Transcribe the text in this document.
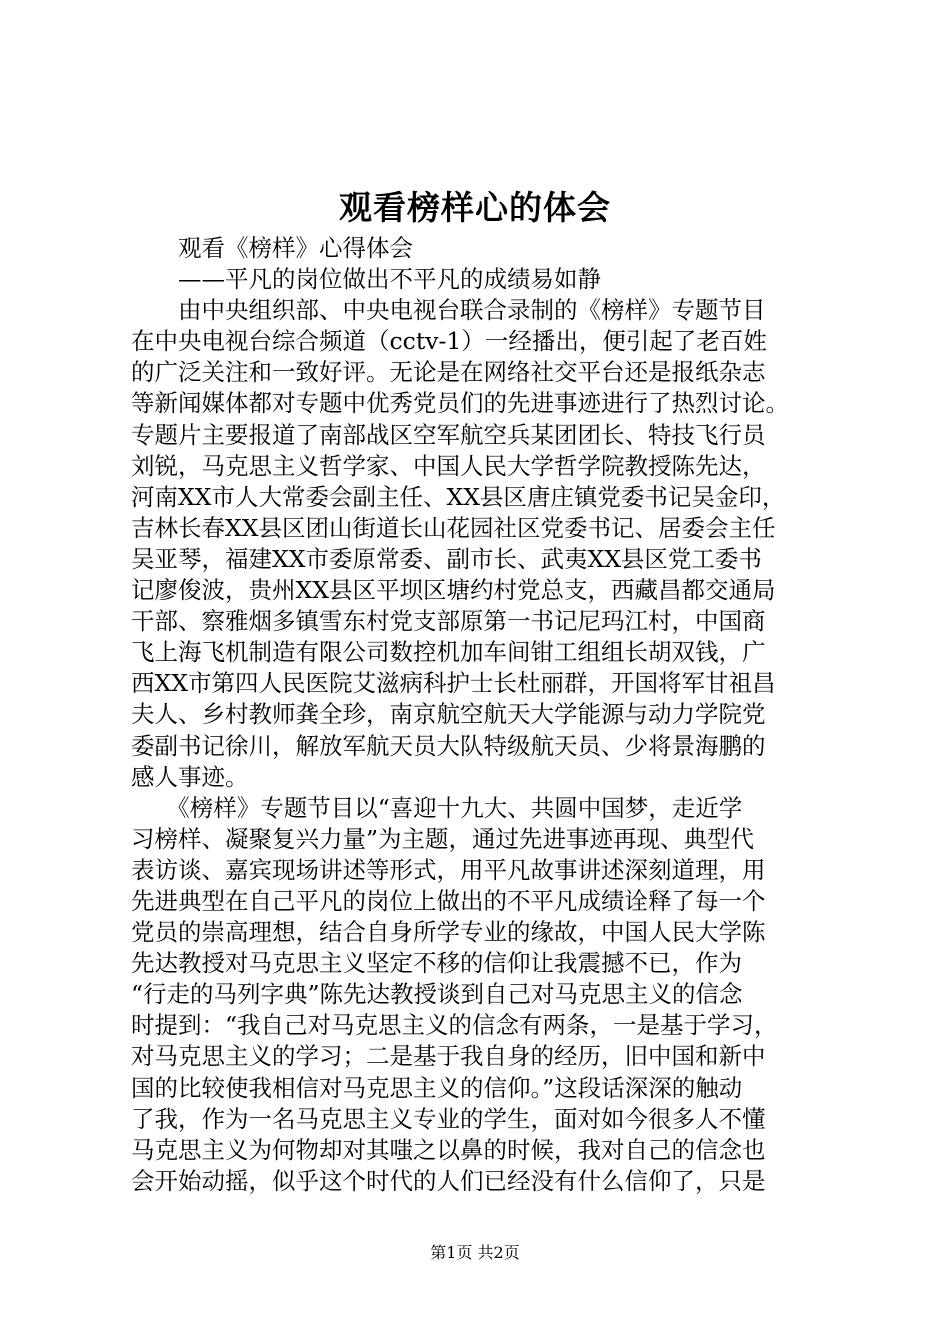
观看榜样心的体会
　　观看《榜样》心得体会
　　——平凡的岗位做出不平凡的成绩易如静
　　由中央组织部、中央电视台联合录制的《榜样》专题节目
在中央电视台综合频道（cctv-1）一经播出，便引起了老百姓
的广泛关注和一致好评。无论是在网络社交平台还是报纸杂志
等新闻媒体都对专题中优秀党员们的先进事迹进行了热烈讨论。
专题片主要报道了南部战区空军航空兵某团团长、特技飞行员
刘锐，马克思主义哲学家、中国人民大学哲学院教授陈先达，
河南XX市人大常委会副主任、XX县区唐庄镇党委书记吴金印，
吉林长春XX县区团山街道长山花园社区党委书记、居委会主任
吴亚琴，福建XX市委原常委、副市长、武夷XX县区党工委书
记廖俊波，贵州XX县区平坝区塘约村党总支，西藏昌都交通局
干部、察雅烟多镇雪东村党支部原第一书记尼玛江村，中国商
飞上海飞机制造有限公司数控机加车间钳工组组长胡双钱，广
西XX市第四人民医院艾滋病科护士长杜丽群，开国将军甘祖昌
夫人、乡村教师龚全珍，南京航空航天大学能源与动力学院党
委副书记徐川，解放军航天员大队特级航天员、少将景海鹏的
感人事迹。
　　《榜样》专题节目以“喜迎十九大、共圆中国梦，走近学
习榜样、凝聚复兴力量”为主题，通过先进事迹再现、典型代
表访谈、嘉宾现场讲述等形式，用平凡故事讲述深刻道理，用
先进典型在自己平凡的岗位上做出的不平凡成绩诠释了每一个
党员的崇高理想，结合自身所学专业的缘故，中国人民大学陈
先达教授对马克思主义坚定不移的信仰让我震撼不已，作为
“行走的马列字典”陈先达教授谈到自己对马克思主义的信念
时提到：“我自己对马克思主义的信念有两条，一是基于学习，
对马克思主义的学习；二是基于我自身的经历，旧中国和新中
国的比较使我相信对马克思主义的信仰。”这段话深深的触动
了我，作为一名马克思主义专业的学生，面对如今很多人不懂
马克思主义为何物却对其嗤之以鼻的时候，我对自己的信念也
会开始动摇，似乎这个时代的人们已经没有什么信仰了，只是
第1页 共2页
